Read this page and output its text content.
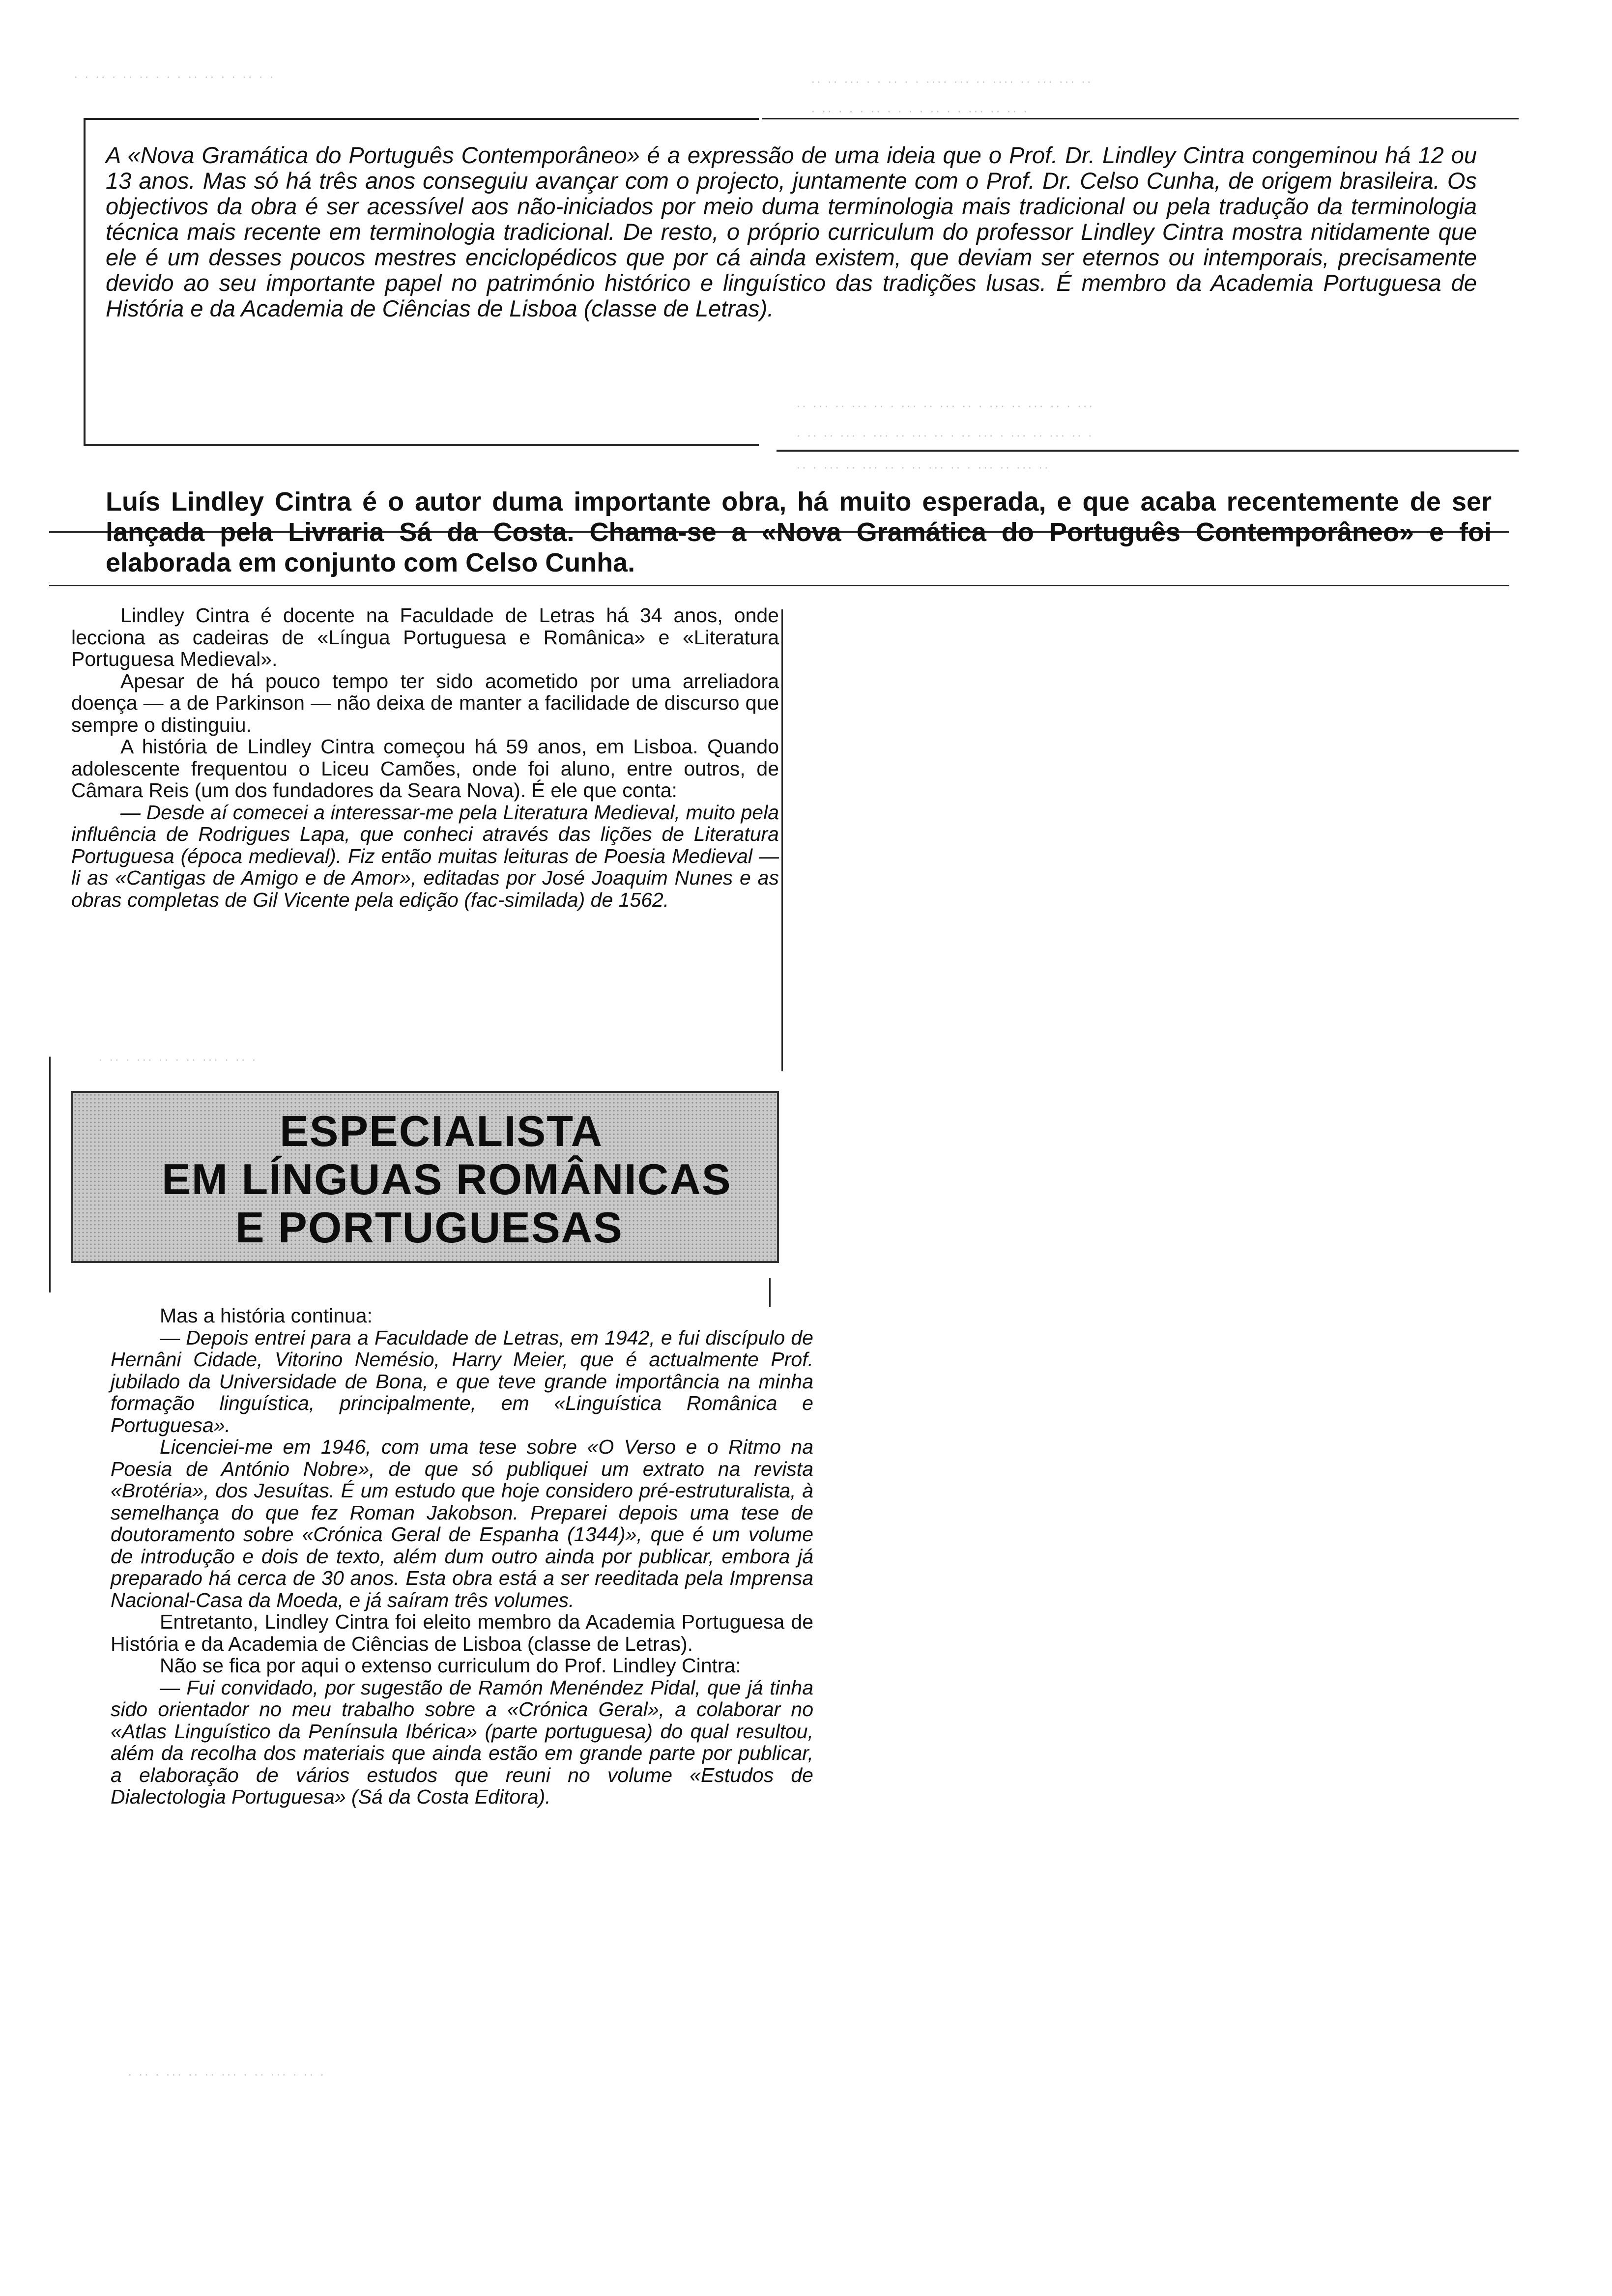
· · ·· · ·· ·· · · · ·· ·· · · ·· · ·	·· ·· ··· · · ·· · · ···· ··· ·· ···· ·· ··· ··· ··
· ·· · · · ·· · · · · ·· · · ··· ·· ·· ·
A «Nova Gramática do Português Contemporâneo» é a expressão de uma ideia que o Prof. Dr. Lindley Cintra congeminou há 12 ou 13 anos. Mas só há três anos conseguiu avançar com o projecto, juntamente com o Prof. Dr. Celso Cunha, de origem brasileira. Os objectivos da obra é ser acessível aos não-iniciados por meio duma terminologia mais tradicional ou pela tradução da terminologia técnica mais recente em terminologia tradicional. De resto, o próprio curriculum do professor Lindley Cintra mostra nitidamente que ele é um desses poucos mestres enciclopédicos que por cá ainda existem, que deviam ser eternos ou intemporais, precisamente devido ao seu importante papel no património histórico e linguístico das tradições lusas. É membro da Academia Portuguesa de História e da Academia de Ciências de Lisboa (classe de Letras).
·· ··· ·· ··· ·· · ··· ·· ··· ·· · ··· ·· ··· ·· · ···
· ·· ·· ··· · ··· ·· ··· ·· · ·· ··· · ··· ·· ··· ·· ·
·· · ··· ·· ··· ·· · ·· ··· ·· · ··· ·· ··· ··
Luís Lindley Cintra é o autor duma importante obra, há muito esperada, e que acaba recentemente de ser lançada pela Livraria Sá da Costa. Chama-se a «Nova Gramática do Português Contemporâneo» e foi elaborada em conjunto com Celso Cunha.

Lindley Cintra é docente na Faculdade de Letras há 34 anos, onde lecciona as cadeiras de «Língua Portuguesa e Românica» e «Literatura Portuguesa Medieval».

Apesar de há pouco tempo ter sido acometido por uma arreliadora doença — a de Parkinson — não deixa de manter a facilidade de discurso que sempre o distinguiu.

A história de Lindley Cintra começou há 59 anos, em Lisboa. Quando adolescente frequentou o Liceu Camões, onde foi aluno, entre outros, de Câmara Reis (um dos fundadores da Seara Nova). É ele que conta:

— Desde aí comecei a interessar-me pela Literatura Medieval, muito pela influência de Rodrigues Lapa, que conheci através das lições de Literatura Portuguesa (época medieval). Fiz então muitas leituras de Poesia Medieval — li as «Cantigas de Amigo e de Amor», editadas por José Joaquim Nunes e as obras completas de Gil Vicente pela edição (fac-similada) de 1562.

· ·· · ··· ·· · ·· ··· · ·· ·
ESPECIALISTA
EM LÍNGUAS ROMÂNICAS
E PORTUGUESAS

Mas a história continua:

— Depois entrei para a Faculdade de Letras, em 1942, e fui discípulo de Hernâni Cidade, Vitorino Nemésio, Harry Meier, que é actualmente Prof. jubilado da Universidade de Bona, e que teve grande importância na minha formação linguística, principalmente, em «Linguística Românica e Portuguesa».

Licenciei-me em 1946, com uma tese sobre «O Verso e o Ritmo na Poesia de António Nobre», de que só publiquei um extrato na revista «Brotéria», dos Jesuítas. É um estudo que hoje considero pré-estruturalista, à semelhança do que fez Roman Jakobson. Preparei depois uma tese de doutoramento sobre «Crónica Geral de Espanha (1344)», que é um volume de introdução e dois de texto, além dum outro ainda por publicar, embora já preparado há cerca de 30 anos. Esta obra está a ser reeditada pela Imprensa Nacional-Casa da Moeda, e já saíram três volumes.

Entretanto, Lindley Cintra foi eleito membro da Academia Portuguesa de História e da Academia de Ciências de Lisboa (classe de Letras).

Não se fica por aqui o extenso curriculum do Prof. Lindley Cintra:

— Fui convidado, por sugestão de Ramón Menéndez Pidal, que já tinha sido orientador no meu trabalho sobre a «Crónica Geral», a colaborar no «Atlas Linguístico da Península Ibérica» (parte portuguesa) do qual resultou, além da recolha dos materiais que ainda estão em grande parte por publicar, a elaboração de vários estudos que reuni no volume «Estudos de Dialectologia Portuguesa» (Sá da Costa Editora).

· ·· · ··· ·· ·· ··· · ·· ··· · ·· ·
